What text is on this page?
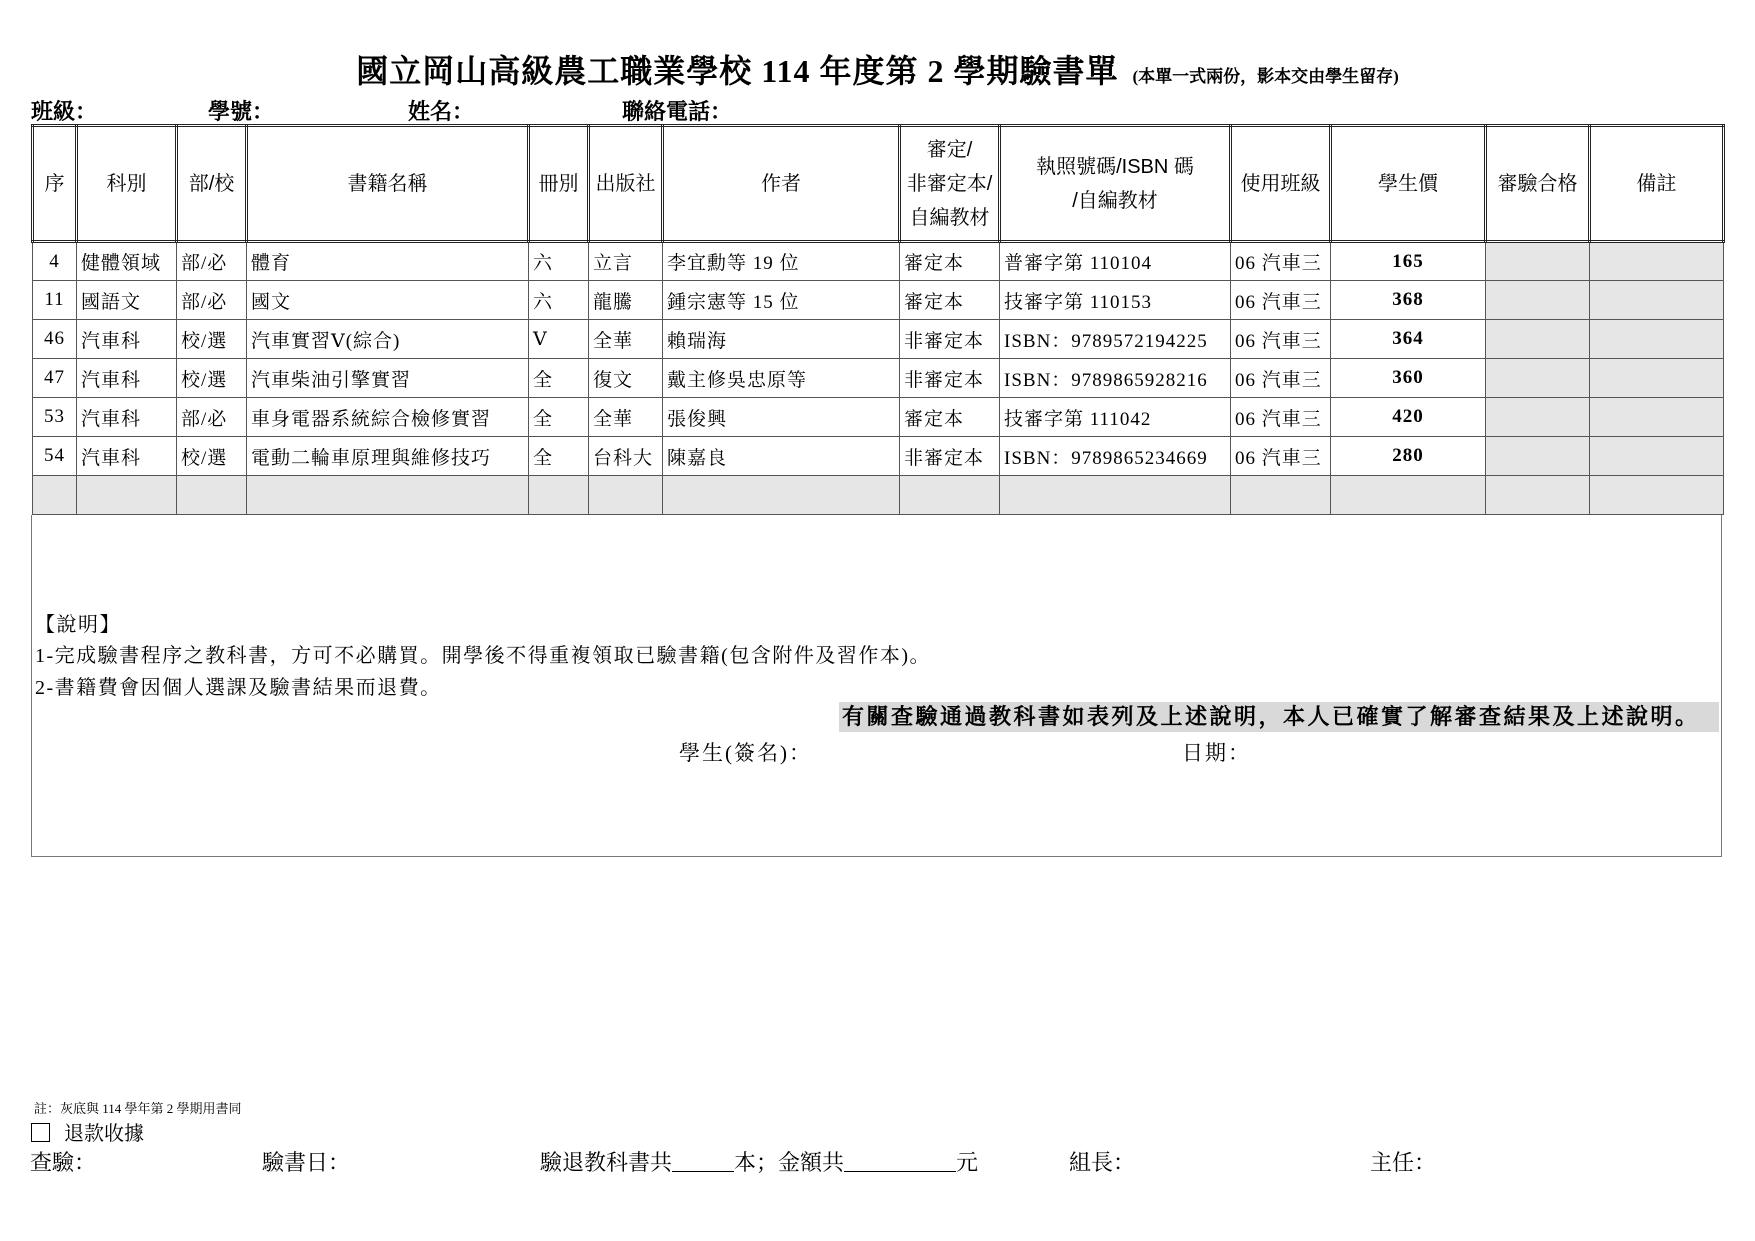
國立岡山高級農工職業學校 114 年度第 2 學期驗書單 (本單一式兩份，影本交由學生留存)
班級：	學號：	姓名：	聯絡電話：
序	科別	部/校	書籍名稱	冊別	出版社	作者	審定/
非審定本/
自編教材	執照號碼/ISBN 碼
/自編教材	使用班級	學生價	審驗合格	備註
4	健體領域	部/必	體育	六	立言	李宜勳等 19 位	審定本	普審字第 110104	06 汽車三	165		
11	國語文	部/必	國文	六	龍騰	鍾宗憲等 15 位	審定本	技審字第 110153	06 汽車三	368		
46	汽車科	校/選	汽車實習Ⅴ(綜合)	Ⅴ	全華	賴瑞海	非審定本	ISBN：9789572194225	06 汽車三	364		
47	汽車科	校/選	汽車柴油引擎實習	全	復文	戴主修吳忠原等	非審定本	ISBN：9789865928216	06 汽車三	360		
53	汽車科	部/必	車身電器系統綜合檢修實習	全	全華	張俊興	審定本	技審字第 111042	06 汽車三	420		
54	汽車科	校/選	電動二輪車原理與維修技巧	全	台科大	陳嘉良	非審定本	ISBN：9789865234669	06 汽車三	280		

【說明】
1-完成驗書程序之教科書，方可不必購買。開學後不得重複領取已驗書籍(包含附件及習作本)。
2-書籍費會因個人選課及驗書結果而退費。
有關查驗通過教科書如表列及上述說明，本人已確實了解審查結果及上述說明。
學生(簽名)：	日期：
註：灰底與 114 學年第 2 學期用書同
退款收據
查驗：	驗書日：	驗退教科書共	本；金額共	元	組長：	主任：
